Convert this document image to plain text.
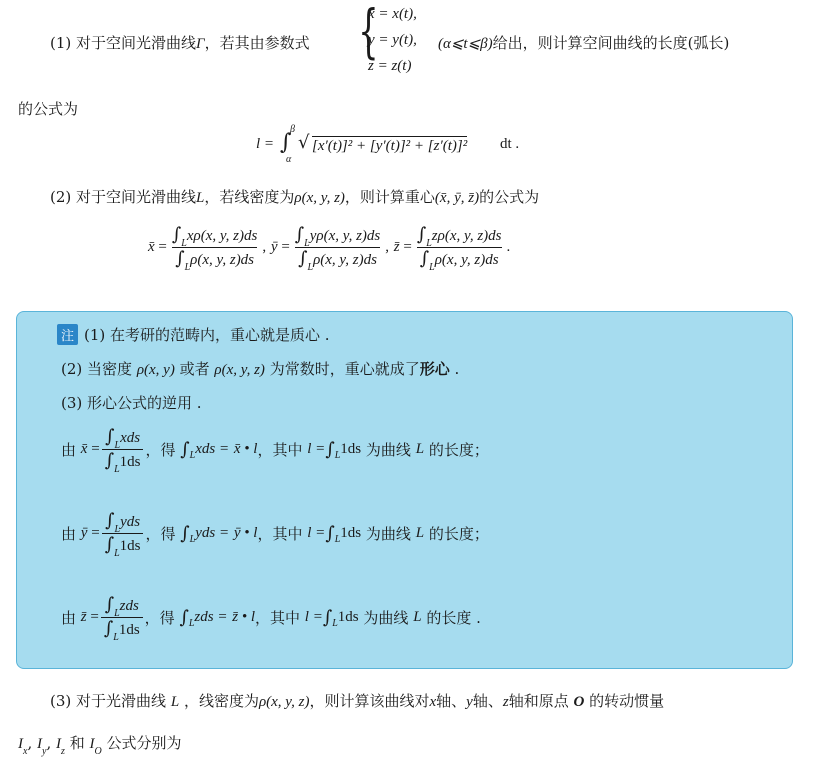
(1) 对于空间光滑曲线Γ，若其由参数式 {
x = x(t),
y = y(t),
z = z(t)
(α⩽t⩽β)给出，则计算空间曲线的长度(弧长)
的公式为
l = ∫
β
α
√ [x′(t)]² + [y′(t)]² + [z′(t)]² dt .
(2) 对于空间光滑曲线L，若线密度为ρ(x, y, z)，则计算重心(x̄, ȳ, z̄)的公式为
x̄ = $\frac{\int_Lx\rho(x, y, z)ds}{\int_L\rho(x, y, z)ds}$ ,
ȳ = $\frac{\int_Ly\rho(x, y, z)ds}{\int_L\rho(x, y, z)ds}$ ,
z̄ = $\frac{\int_Lz\rho(x, y, z)ds}{\int_L\rho(x, y, z)ds}$ .
注 (1) 在考研的范畴内，重心就是质心 .
(2) 当密度 ρ(x, y) 或者 ρ(x, y, z) 为常数时，重心就成了形心 .
(3) 形心公式的逆用 .
由
x̄ = $\frac{\int_Lxds}{\int_L1ds}$ ，得
∫ L xds =
x̄ • l ，其中
l = ∫ L 1ds
为曲线
L
的长度；
由
ȳ = $\frac{\int_Lyds}{\int_L1ds}$ ，得
∫ L yds =
ȳ • l ，其中
l = ∫ L 1ds
为曲线
L
的长度；
由
z̄ = $\frac{\int_Lzds}{\int_L1ds}$ ，得
∫ L zds =
z̄ • l ，其中
l = ∫ L 1ds
为曲线
L
的长度 .
(3) 对于光滑曲线 L ，线密度为ρ(x, y, z)，则计算该曲线对x轴、y轴、z轴和原点 O 的转动惯量
$I_x$, $I_y$, $I_z$ 和 $I_O$ 公式分别为
